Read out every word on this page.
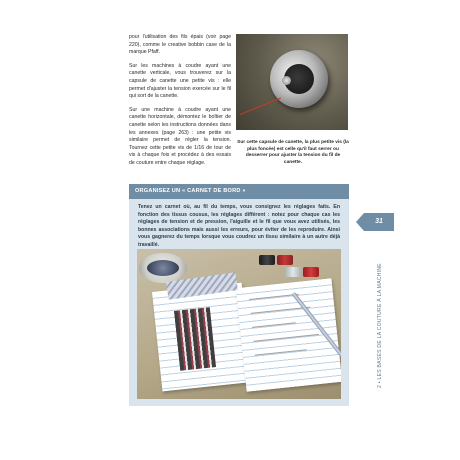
pour l'utilisation des fils épais (voir page 220), comme le creative bobbin case de la marque Pfaff.

Sur les machines à coudre ayant une canette verticale, vous trouverez sur la capsule de canette une petite vis : elle permet d'ajuster la tension exercée sur le fil qui sort de la canette.

Sur une machine à coudre ayant une canette horizontale, démontez le boîtier de canette selon les instructions données dans les annexes (page 263) : une petite vis similaire permet de régler la tension. Tournez cette petite vis de 1/16 de tour de vis à chaque fois et procédez à des essais de couture entre chaque réglage.

Sur cette capsule de canette, la plus petite vis (la plus foncée) est celle qu'il faut serrer ou desserrer pour ajuster la tension du fil de canette.
ORGANISEZ UN « CARNET DE BORD »
Tenez un carnet où, au fil du temps, vous consignez les réglages faits. En fonction des tissus cousus, les réglages différent : notez pour chaque cas les réglages de tension et de pression, l'aiguille et le fil que vous avez utilisés, les bonnes associations mais aussi les erreurs, pour éviter de les reproduire. Ainsi vous gagnerez du temps lorsque vous coudrez un tissu similaire à un autre déjà travaillé.
31
2 • LES BASES DE LA COUTURE À LA MACHINE
